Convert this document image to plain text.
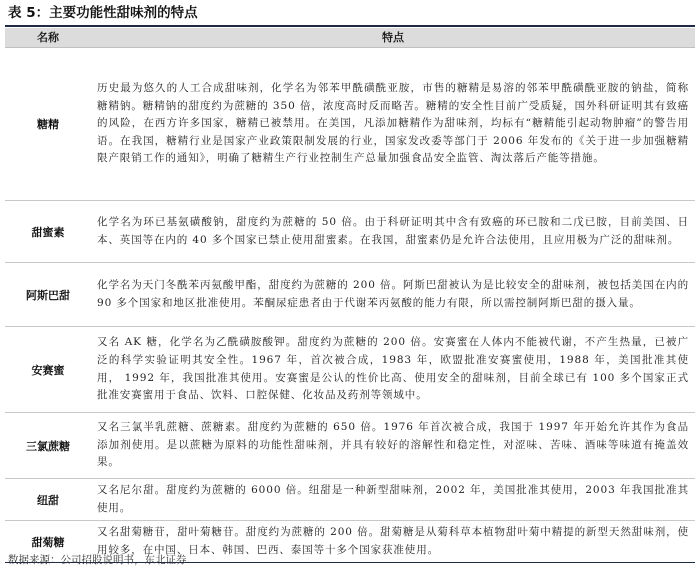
表 5：主要功能性甜味剂的特点
名称	特点
糖精	历史最为悠久的人工合成甜味剂，化学名为邻苯甲酰磺酰亚胺，市售的糖精是易溶的邻苯甲酰磺酰亚胺的钠盐，简称糖精钠。糖精钠的甜度约为蔗糖的 350 倍，浓度高时反而略苦。糖精的安全性目前广受质疑，国外科研证明其有致癌的风险，在西方许多国家，糖精已被禁用。在美国，凡添加糖精作为甜味剂，均标有“糖精能引起动物肿瘤”的警告用语。在我国，糖精行业是国家产业政策限制发展的行业，国家发改委等部门于 2006 年发布的《关于进一步加强糖精限产限销工作的通知》，明确了糖精生产行业控制生产总量加强食品安全监管、淘汰落后产能等措施。

甜蜜素	化学名为环已基氨磺酸钠，甜度约为蔗糖的 50 倍。由于科研证明其中含有致癌的环已胺和二戊已胺，目前美国、日本、英国等在内的 40 多个国家已禁止使用甜蜜素。在我国，甜蜜素仍是允许合法使用，且应用极为广泛的甜味剂。

阿斯巴甜	化学名为天门冬酰苯丙氨酸甲酯，甜度约为蔗糖的 200 倍。阿斯巴甜被认为是比较安全的甜味剂，被包括美国在内的 90 多个国家和地区批准使用。苯酮尿症患者由于代谢苯丙氨酸的能力有限，所以需控制阿斯巴甜的摄入量。

安赛蜜	又名 AK 糖，化学名为乙酰磺胺酸钾。甜度约为蔗糖的 200 倍。安赛蜜在人体内不能被代谢，不产生热量，已被广泛的科学实验证明其安全性。1967 年，首次被合成，1983 年，欧盟批准安赛蜜使用，1988 年，美国批准其使用， 1992 年，我国批准其使用。安赛蜜是公认的性价比高、使用安全的甜味剂，目前全球已有 100 多个国家正式批准安赛蜜用于食品、饮料、口腔保健、化妆品及药剂等领域中。

三氯蔗糖	又名三氯半乳蔗糖、蔗糖素。甜度约为蔗糖的 650 倍。1976 年首次被合成，我国于 1997 年开始允许其作为食品添加剂使用。是以蔗糖为原料的功能性甜味剂，并具有较好的溶解性和稳定性，对涩味、苦味、酒味等味道有掩盖效果。

纽甜	又名尼尔甜。甜度约为蔗糖的 6000 倍。纽甜是一种新型甜味剂，2002 年，美国批准其使用，2003 年我国批准其使用。

甜菊糖	又名甜菊糖苷，甜叶菊糖苷。甜度约为蔗糖的 200 倍。甜菊糖是从菊科草本植物甜叶菊中精提的新型天然甜味剂，使用较多，在中国、日本、韩国、巴西、泰国等十多个国家获准使用。
数据来源：公司招股说明书，东北证券
